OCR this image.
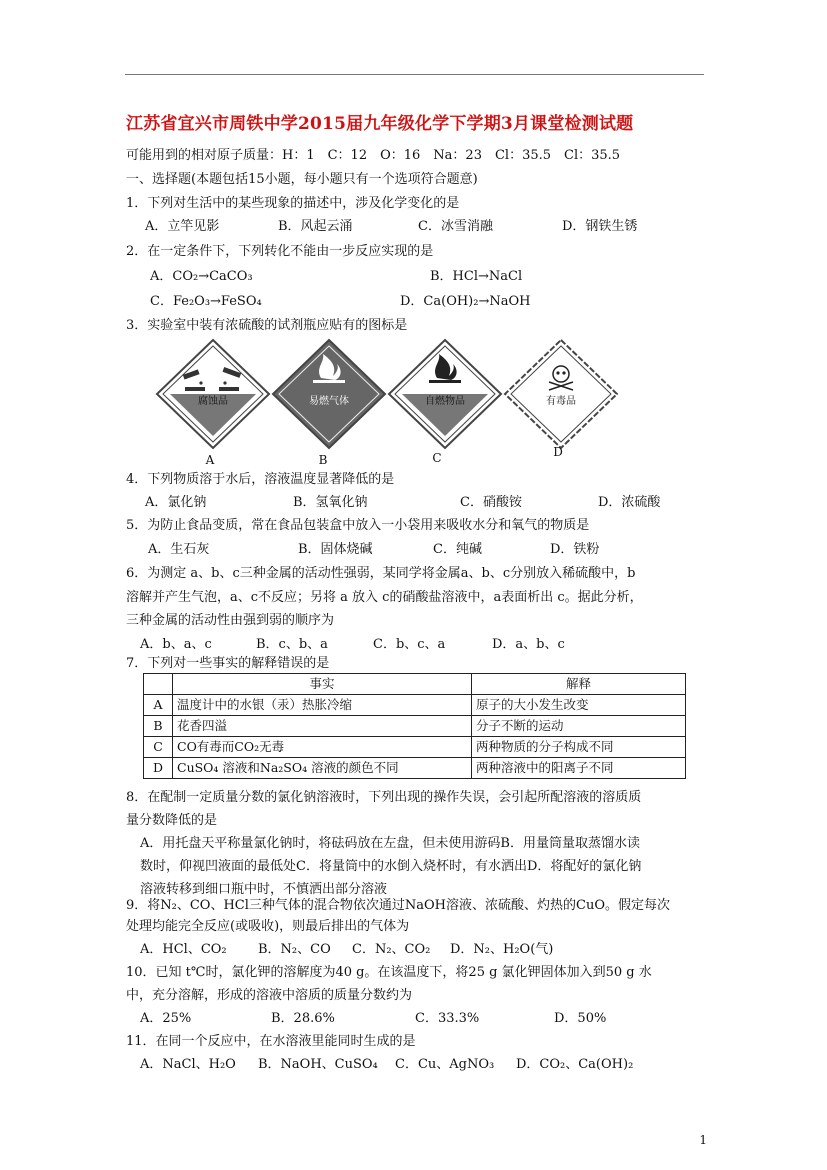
江苏省宜兴市周铁中学2015届九年级化学下学期3月课堂检测试题
可能用到的相对原子质量：H：1　C：12　O：16　Na：23　Cl：35.5　Cl：35.5
一、选择题(本题包括15小题，每小题只有一个选项符合题意)
1．下列对生活中的某些现象的描述中，涉及化学变化的是
A．立竿见影	B．风起云涌	C．冰雪消融	D．钢铁生锈
2．在一定条件下，下列转化不能由一步反应实现的是
A．CO₂→CaCO₃	B．HCl→NaCl
C．Fe₂O₃→FeSO₄	D．Ca(OH)₂→NaOH
3．实验室中装有浓硫酸的试剂瓶应贴有的图标是
腐蚀品
A
易燃气体
B
自燃物品
C
有毒品
D
4．下列物质溶于水后，溶液温度显著降低的是
A．氯化钠	B．氢氧化钠	C．硝酸铵	D．浓硫酸
5．为防止食品变质，常在食品包装盒中放入一小袋用来吸收水分和氧气的物质是
A．生石灰	B．固体烧碱	C．纯碱	D．铁粉
6．为测定 a、b、c三种金属的活动性强弱，某同学将金属a、b、c分别放入稀硫酸中，b
溶解并产生气泡，a、c不反应；另将 a 放入 c的硝酸盐溶液中，a表面析出 c。据此分析，
三种金属的活动性由强到弱的顺序为
A．b、a、c	B．c、b、a	C．b、c、a	D．a、b、c
7．下列对一些事实的解释错误的是
	事实	解释
A	温度计中的水银（汞）热胀冷缩	原子的大小发生改变
B	花香四溢	分子不断的运动
C	CO有毒而CO₂无毒	两种物质的分子构成不同
D	CuSO₄ 溶液和Na₂SO₄ 溶液的颜色不同	两种溶液中的阳离子不同
8．在配制一定质量分数的氯化钠溶液时，下列出现的操作失误，会引起所配溶液的溶质质
量分数降低的是
A．用托盘天平称量氯化钠时，将砝码放在左盘，但未使用游码B．用量筒量取蒸馏水读
数时，仰视凹液面的最低处C．将量筒中的水倒入烧杯时，有水洒出D．将配好的氯化钠
溶液转移到细口瓶中时，不慎洒出部分溶液
9．将N₂、CO、HCl三种气体的混合物依次通过NaOH溶液、浓硫酸、灼热的CuO。假定每次
处理均能完全反应(或吸收)，则最后排出的气体为
A．HCl、CO₂ B．N₂、CO C．N₂、CO₂ D．N₂、H₂O(气)
10．已知 t℃时，氯化钾的溶解度为40 g。在该温度下，将25 g 氯化钾固体加入到50 g 水
中，充分溶解，形成的溶液中溶质的质量分数约为
A．25%	B．28.6%	C．33.3%	D．50%
11．在同一个反应中，在水溶液里能同时生成的是
A．NaCl、H₂O B．NaOH、CuSO₄ C．Cu、AgNO₃ D．CO₂、Ca(OH)₂
1
